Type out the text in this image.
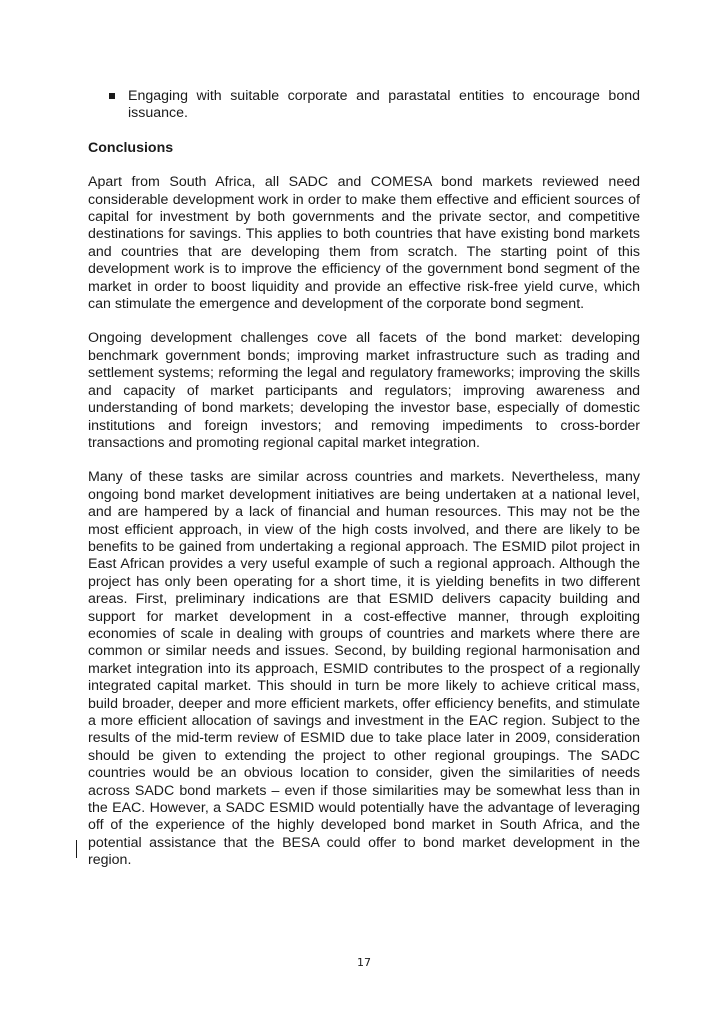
Engaging with suitable corporate and parastatal entities to encourage bond issuance.
Conclusions

Apart from South Africa, all SADC and COMESA bond markets reviewed need considerable development work in order to make them effective and efficient sources of capital for investment by both governments and the private sector, and competitive destinations for savings. This applies to both countries that have existing bond markets and countries that are developing them from scratch. The starting point of this development work is to improve the efficiency of the government bond segment of the market in order to boost liquidity and provide an effective risk-free yield curve, which can stimulate the emergence and development of the corporate bond segment.

Ongoing development challenges cove all facets of the bond market: developing benchmark government bonds; improving market infrastructure such as trading and settlement systems; reforming the legal and regulatory frameworks; improving the skills and capacity of market participants and regulators; improving awareness and understanding of bond markets; developing the investor base, especially of domestic institutions and foreign investors; and removing impediments to cross-border transactions and promoting regional capital market integration.

Many of these tasks are similar across countries and markets. Nevertheless, many ongoing bond market development initiatives are being undertaken at a national level, and are hampered by a lack of financial and human resources. This may not be the most efficient approach, in view of the high costs involved, and there are likely to be benefits to be gained from undertaking a regional approach. The ESMID pilot project in East African provides a very useful example of such a regional approach. Although the project has only been operating for a short time, it is yielding benefits in two different areas. First, preliminary indications are that ESMID delivers capacity building and support for market development in a cost-effective manner, through exploiting economies of scale in dealing with groups of countries and markets where there are common or similar needs and issues. Second, by building regional harmonisation and market integration into its approach, ESMID contributes to the prospect of a regionally integrated capital market. This should in turn be more likely to achieve critical mass, build broader, deeper and more efficient markets, offer efficiency benefits, and stimulate a more efficient allocation of savings and investment in the EAC region. Subject to the results of the mid-term review of ESMID due to take place later in 2009, consideration should be given to extending the project to other regional groupings. The SADC countries would be an obvious location to consider, given the similarities of needs across SADC bond markets – even if those similarities may be somewhat less than in the EAC. However, a SADC ESMID would potentially have the advantage of leveraging off of the experience of the highly developed bond market in South Africa, and the potential assistance that the BESA could offer to bond market development in the region.

17
